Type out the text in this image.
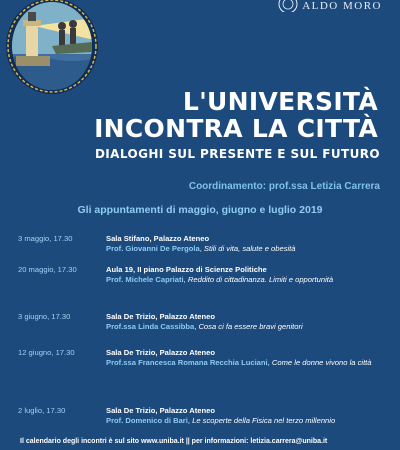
ALDO MORO
L'UNIVERSITÀ
INCONTRA LA CITTÀ
DIALOGHI SUL PRESENTE E SUL FUTURO
Coordinamento: prof.ssa Letizia Carrera
Gli appuntamenti di maggio, giugno e luglio 2019
3 maggio, 17.30	Sala Stifano, Palazzo Ateneo
Prof. Giovanni De Pergola, Stili di vita, salute e obesità
20 maggio, 17.30	Aula 19, II piano Palazzo di Scienze Politiche
Prof. Michele Capriati, Reddito di cittadinanza. Limiti e opportunità
3 giugno, 17.30	Sala De Trizio, Palazzo Ateneo
Prof.ssa Linda Cassibba, Cosa ci fa essere bravi genitori
12 giugno, 17.30	Sala De Trizio, Palazzo Ateneo
Prof.ssa Francesca Romana Recchia Luciani, Come le donne vivono la città
2 luglio, 17.30	Sala De Trizio, Palazzo Ateneo
Prof. Domenico di Bari, Le scoperte della Fisica nel terzo millennio
Il calendario degli incontri è sul sito www.uniba.it || per informazioni: letizia.carrera@uniba.it
